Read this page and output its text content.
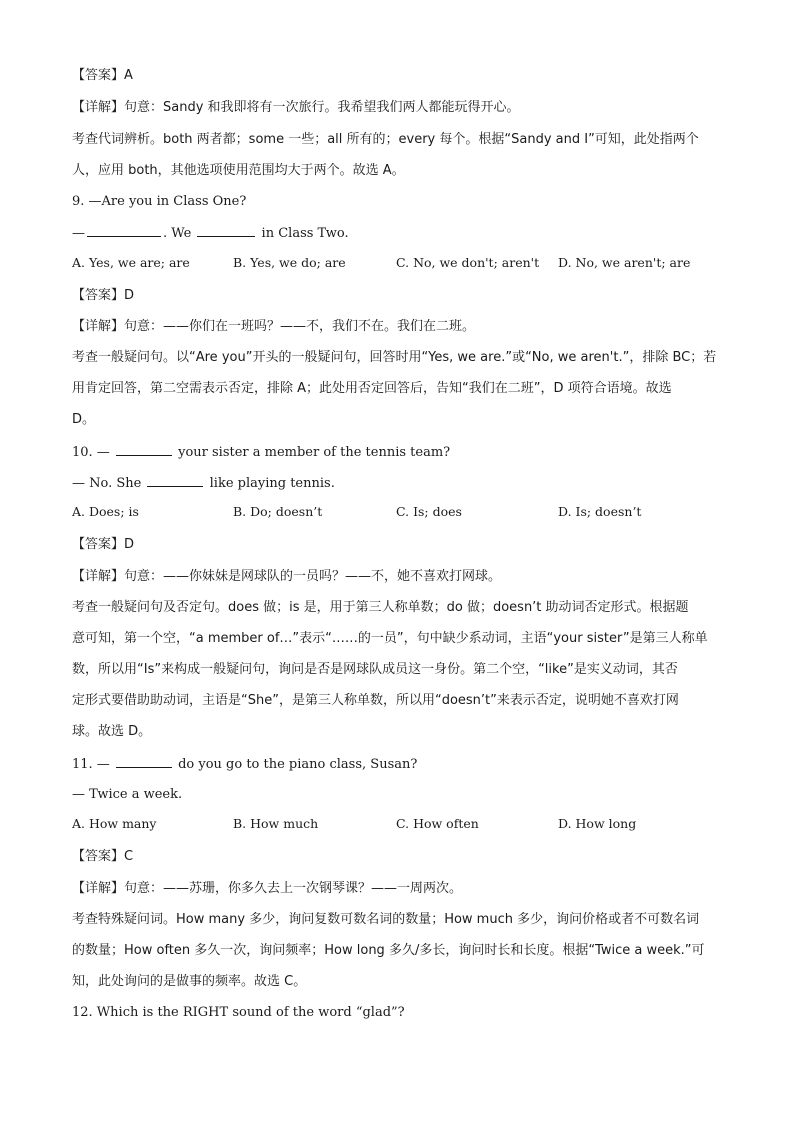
【答案】A
【详解】句意：Sandy 和我即将有一次旅行。我希望我们两人都能玩得开心。
考查代词辨析。both 两者都；some 一些；all 所有的；every 每个。根据“Sandy and I”可知，此处指两个
人，应用 both，其他选项使用范围均大于两个。故选 A。
9. —Are you in Class One?
—	. We	in Class Two.
A. Yes, we are; are	B. Yes, we do; are	C. No, we don't; aren't D. No, we aren't; are
【答案】D
【详解】句意：——你们在一班吗？——不，我们不在。我们在二班。
考查一般疑问句。以“Are you”开头的一般疑问句，回答时用“Yes, we are.”或“No, we aren't.”，排除 BC；若
用肯定回答，第二空需表示否定，排除 A；此处用否定回答后，告知“我们在二班”，D 项符合语境。故选
D。
10. —	your sister a member of the tennis team?
— No. She	like playing tennis.
A. Does; is	B. Do; doesn’t	C. Is; does	D. Is; doesn’t
【答案】D
【详解】句意：——你妹妹是网球队的一员吗？——不，她不喜欢打网球。
考查一般疑问句及否定句。does 做；is 是，用于第三人称单数；do 做；doesn’t 助动词否定形式。根据题
意可知，第一个空，“a member of…”表示“……的一员”，句中缺少系动词，主语“your sister”是第三人称单
数，所以用“Is”来构成一般疑问句，询问是否是网球队成员这一身份。第二个空，“like”是实义动词，其否
定形式要借助助动词，主语是“She”，是第三人称单数，所以用“doesn’t”来表示否定，说明她不喜欢打网
球。故选 D。
11. —	do you go to the piano class, Susan?
— Twice a week.
A. How many	B. How much	C. How often	D. How long
【答案】C
【详解】句意：——苏珊，你多久去上一次钢琴课？——一周两次。
考查特殊疑问词。How many 多少，询问复数可数名词的数量；How much 多少，询问价格或者不可数名词
的数量；How often 多久一次，询问频率；How long 多久/多长，询问时长和长度。根据“Twice a week.”可
知，此处询问的是做事的频率。故选 C。
12. Which is the RIGHT sound of the word “glad”?
